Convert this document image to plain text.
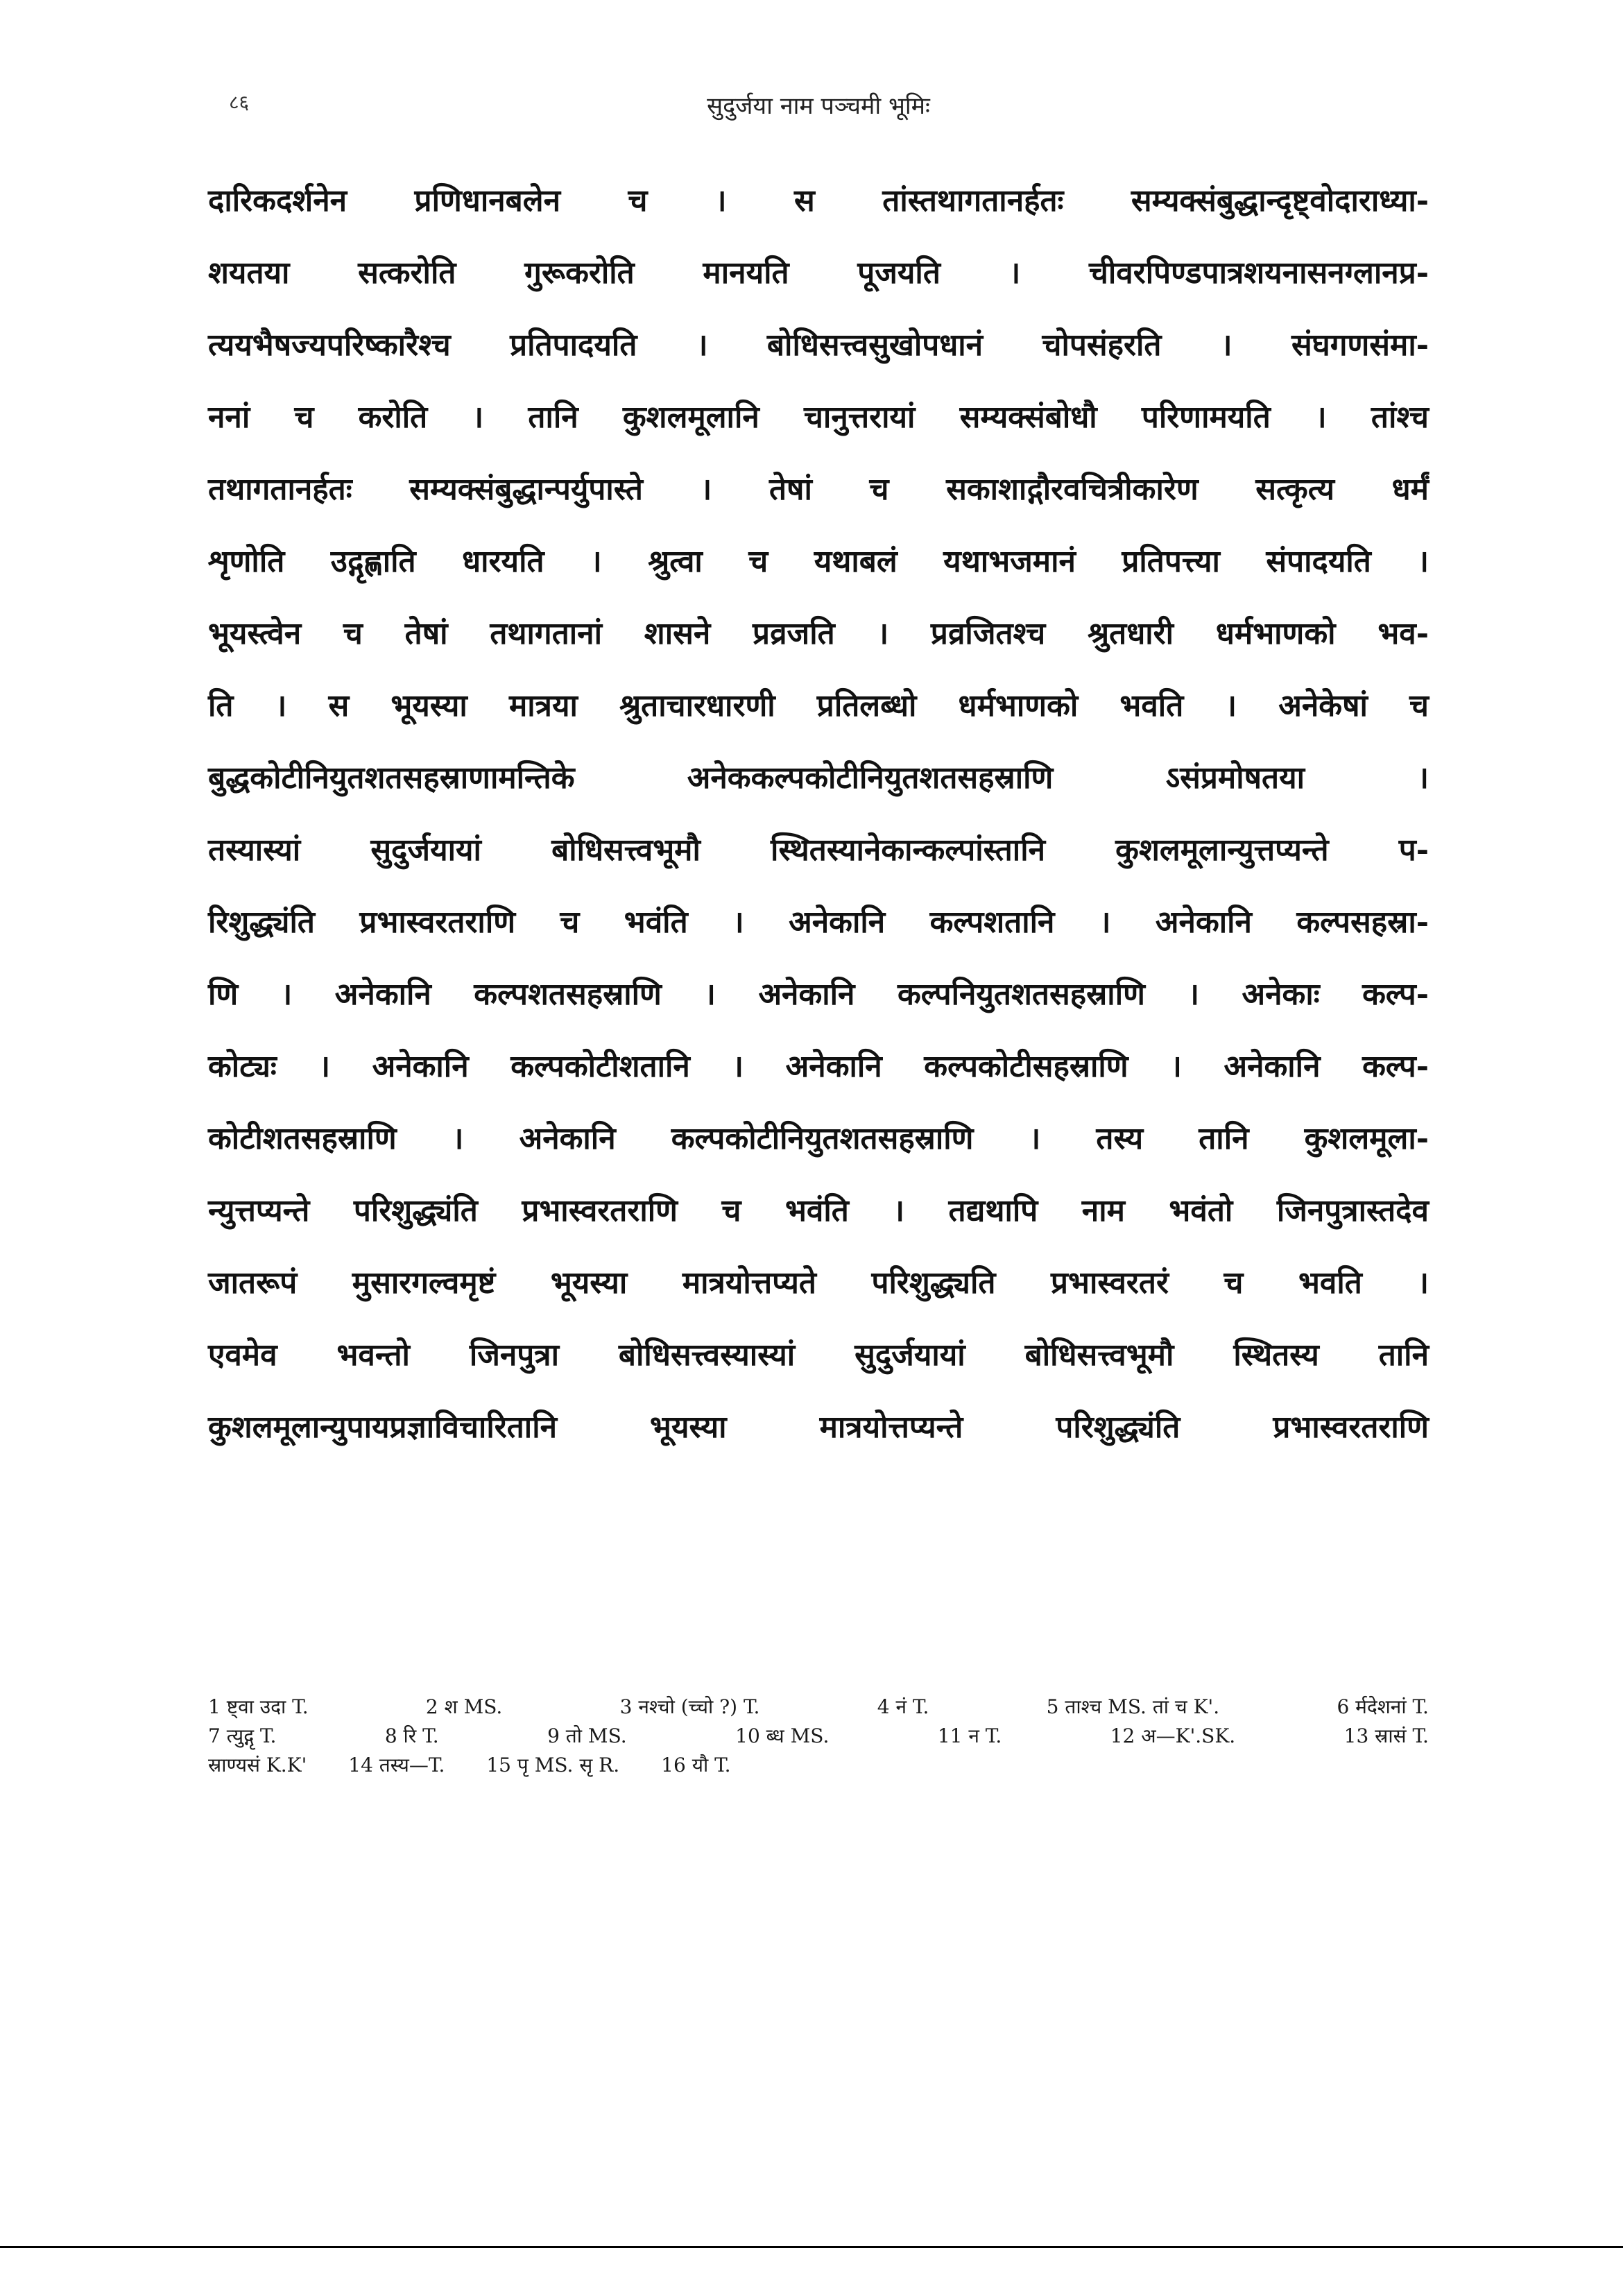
८६	सुदुर्जया नाम पञ्चमी भूमिः
दारिकदर्शनेन प्रणिधानबलेन च । स तांस्तथागतानर्हतः सम्यक्संबुद्धान्दृष्ट्वोदाराध्या-
शयतया सत्करोति गुरूकरोति मानयति पूजयति । चीवरपिण्डपात्रशयनासनग्लानप्र-
त्ययभैषज्यपरिष्कारैश्च प्रतिपादयति । बोधिसत्त्वसुखोपधानं चोपसंहरति । संघगणसंमा-
ननां च करोति । तानि कुशलमूलानि चानुत्तरायां सम्यक्संबोधौ परिणामयति । तांश्च
तथागतानर्हतः सम्यक्संबुद्धान्पर्युपास्ते । तेषां च सकाशाद्गौरवचित्रीकारेण सत्कृत्य धर्मं
शृणोति उद्गृह्णाति धारयति । श्रुत्वा च यथाबलं यथाभजमानं प्रतिपत्त्या संपादयति ।
भूयस्त्वेन च तेषां तथागतानां शासने प्रव्रजति । प्रव्रजितश्च श्रुतधारी धर्मभाणको भव-
ति । स भूयस्या मात्रया श्रुताचारधारणी प्रतिलब्धो धर्मभाणको भवति । अनेकेषां च
बुद्धकोटीनियुतशतसहस्राणामन्तिके अनेककल्पकोटीनियुतशतसहस्राणि ऽसंप्रमोषतया ।
तस्यास्यां सुदुर्जयायां बोधिसत्त्वभूमौ स्थितस्यानेकान्कल्पांस्तानि कुशलमूलान्युत्तप्यन्ते प-
रिशुद्ध्यंति प्रभास्वरतराणि च भवंति । अनेकानि कल्पशतानि । अनेकानि कल्पसहस्रा-
णि । अनेकानि कल्पशतसहस्राणि । अनेकानि कल्पनियुतशतसहस्राणि । अनेकाः कल्प-
कोट्यः । अनेकानि कल्पकोटीशतानि । अनेकानि कल्पकोटीसहस्राणि । अनेकानि कल्प-
कोटीशतसहस्राणि । अनेकानि कल्पकोटीनियुतशतसहस्राणि । तस्य तानि कुशलमूला-
न्युत्तप्यन्ते परिशुद्ध्यंति प्रभास्वरतराणि च भवंति । तद्यथापि नाम भवंतो जिनपुत्रास्तदेव
जातरूपं मुसारगल्वमृष्टं भूयस्या मात्रयोत्तप्यते परिशुद्ध्यति प्रभास्वरतरं च भवति ।
एवमेव भवन्तो जिनपुत्रा बोधिसत्त्वस्यास्यां सुदुर्जयायां बोधिसत्त्वभूमौ स्थितस्य तानि
कुशलमूलान्युपायप्रज्ञाविचारितानि भूयस्या मात्रयोत्तप्यन्ते परिशुद्ध्यंति प्रभास्वरतराणि
1 ष्ट्वा उदा T.	2 श MS.	3 नश्चो (च्चो ?) T.	4 नं T.	5 ताश्च MS. तां च K'.	6 र्मदेशनां T.
7 त्युद्गृ T.	8 रि T.	9 तो MS.	10 ब्ध MS.	11 न T.	12 अ—K'.SK.	13 स्रासं T.
स्राण्यसं K.K' 14 तस्य—T. 15 पृ MS. सृ R. 16 यौ T.
